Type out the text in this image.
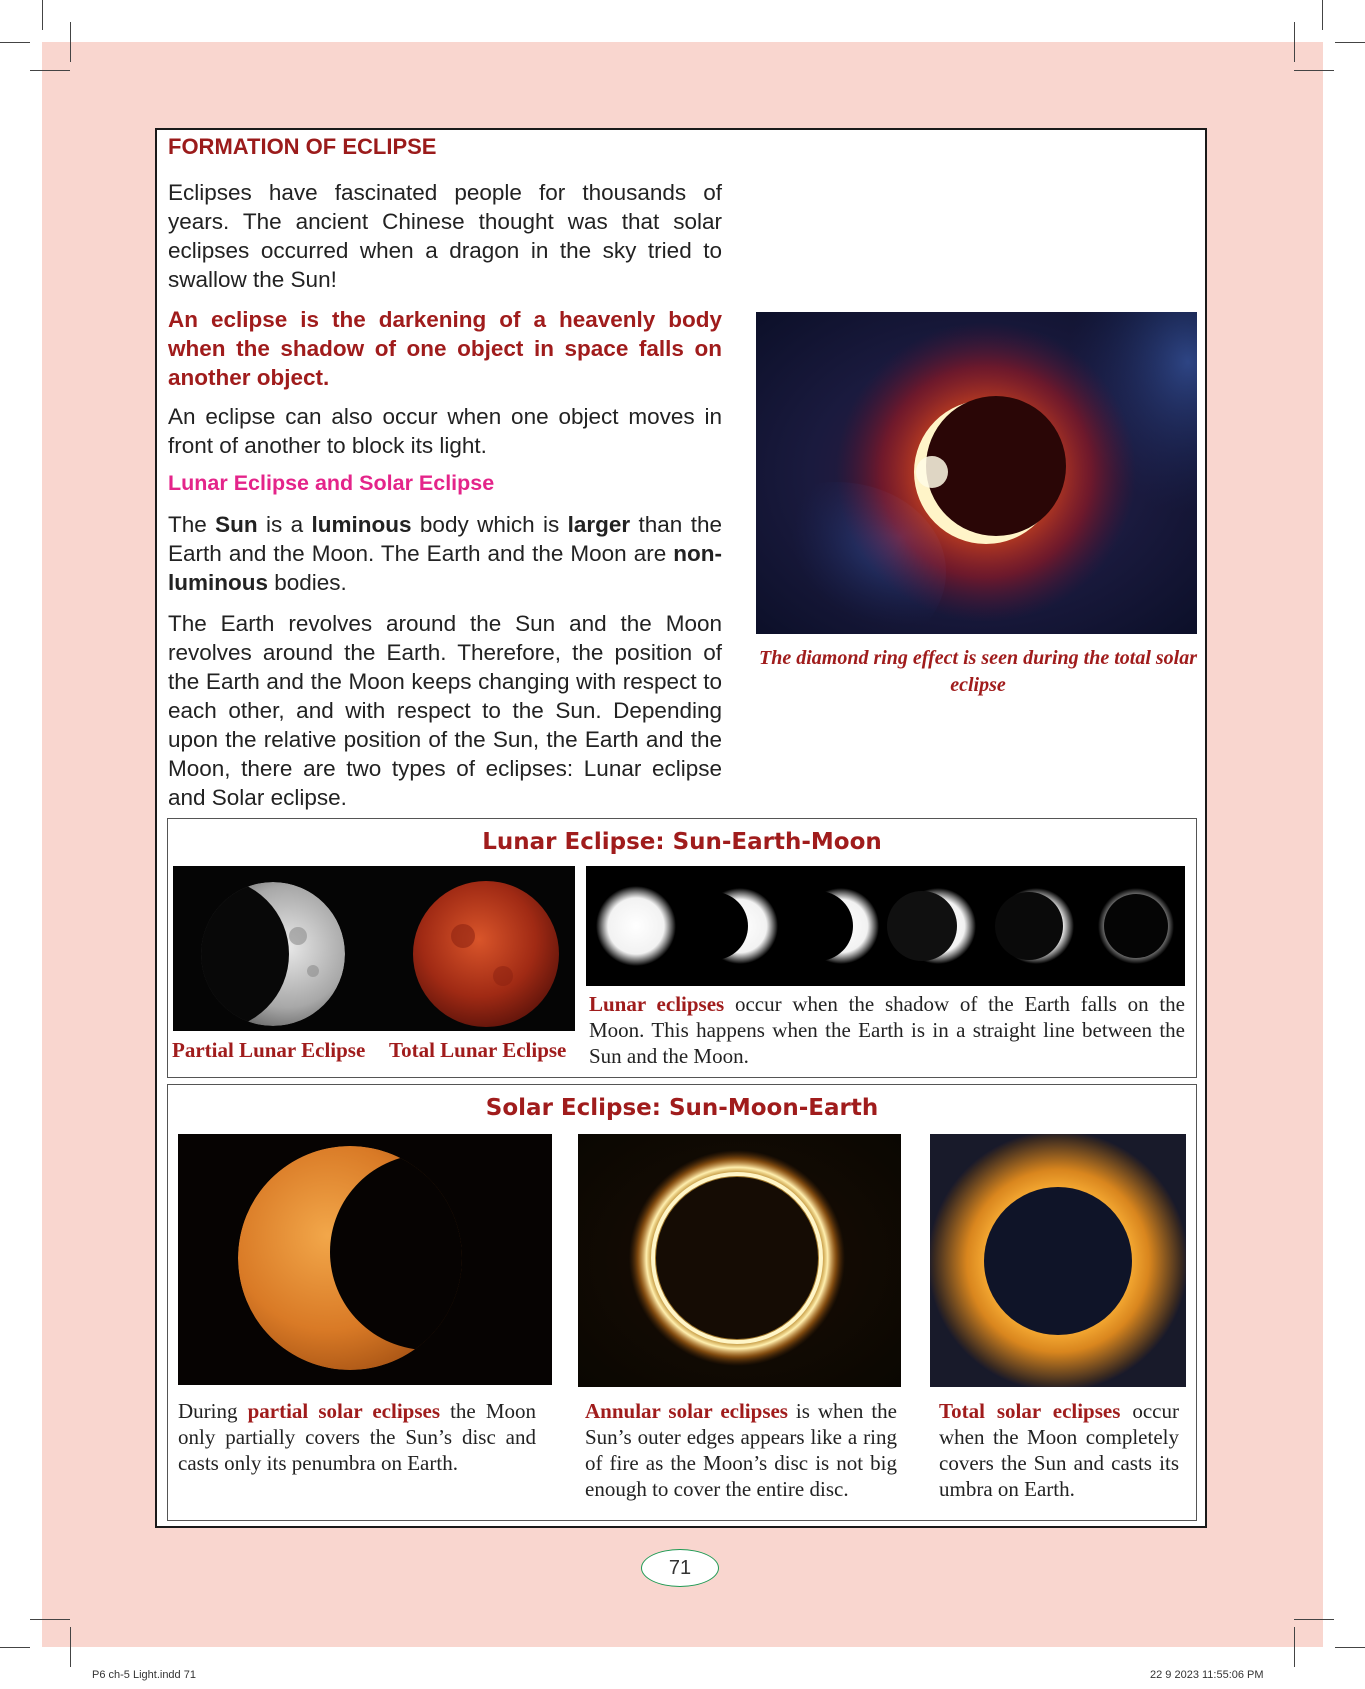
FORMATION OF ECLIPSE

Eclipses have fascinated people for thousands of years. The ancient Chinese thought was that solar eclipses occurred when a dragon in the sky tried to swallow the Sun!

An eclipse is the darkening of a heavenly body when the shadow of one object in space falls on another object.

An eclipse can also occur when one object moves in front of another to block its light.

Lunar Eclipse and Solar Eclipse

The Sun is a luminous body which is larger than the Earth and the Moon. The Earth and the Moon are non-luminous bodies.

The Earth revolves around the Sun and the Moon revolves around the Earth. Therefore, the position of the Earth and the Moon keeps changing with respect to each other, and with respect to the Sun. Depending upon the relative position of the Sun, the Earth and the Moon, there are two types of eclipses: Lunar eclipse and Solar eclipse.

The diamond ring effect is seen during the total solar eclipse

Lunar Eclipse: Sun-Earth-Moon

Partial Lunar Eclipse Total Lunar Eclipse

Lunar eclipses occur when the shadow of the Earth falls on the Moon. This happens when the Earth is in a straight line between the Sun and the Moon.

Solar Eclipse: Sun-Moon-Earth

During partial solar eclipses the Moon only partially covers the Sun’s disc and casts only its penumbra on Earth.

Annular solar eclipses is when the Sun’s outer edges appears like a ring of fire as the Moon’s disc is not big enough to cover the entire disc.

Total solar eclipses occur when the Moon completely covers the Sun and casts its umbra on Earth.

71

P6 ch-5 Light.indd 71	22 9 2023 11:55:06 PM
